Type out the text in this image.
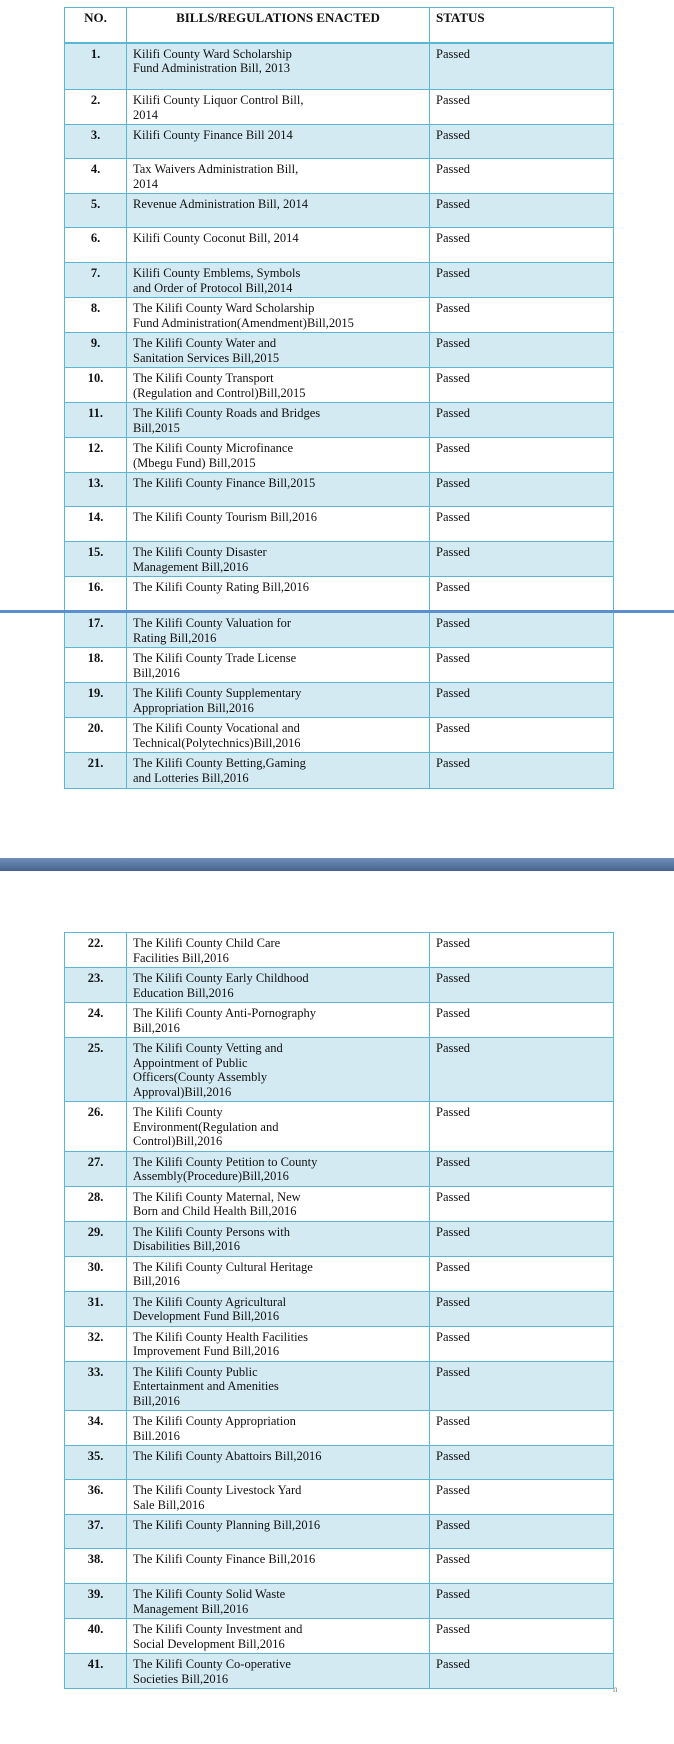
NO.	BILLS/REGULATIONS ENACTED	STATUS
1.	Kilifi County Ward Scholarship
Fund Administration Bill, 2013	Passed
2.	Kilifi County Liquor Control Bill,
2014	Passed
3.	Kilifi County Finance Bill 2014	Passed
4.	Tax Waivers Administration Bill,
2014	Passed
5.	Revenue Administration Bill, 2014	Passed
6.	Kilifi County Coconut Bill, 2014	Passed
7.	Kilifi County Emblems, Symbols
and Order of Protocol Bill,2014	Passed
8.	The Kilifi County Ward Scholarship
Fund Administration(Amendment)Bill,2015	Passed
9.	The Kilifi County Water and
Sanitation Services Bill,2015	Passed
10.	The Kilifi County Transport
(Regulation and Control)Bill,2015	Passed
11.	The Kilifi County Roads and Bridges
Bill,2015	Passed
12.	The Kilifi County Microfinance
(Mbegu Fund) Bill,2015	Passed
13.	The Kilifi County Finance Bill,2015	Passed
14.	The Kilifi County Tourism Bill,2016	Passed
15.	The Kilifi County Disaster
Management Bill,2016	Passed
16.	The Kilifi County Rating Bill,2016	Passed
17.	The Kilifi County Valuation for
Rating Bill,2016	Passed
18.	The Kilifi County Trade License
Bill,2016	Passed
19.	The Kilifi County Supplementary
Appropriation Bill,2016	Passed
20.	The Kilifi County Vocational and
Technical(Polytechnics)Bill,2016	Passed
21.	The Kilifi County Betting,Gaming
and Lotteries Bill,2016	Passed
22.	The Kilifi County Child Care
Facilities Bill,2016	Passed
23.	The Kilifi County Early Childhood
Education Bill,2016	Passed
24.	The Kilifi County Anti-Pornography
Bill,2016	Passed
25.	The Kilifi County Vetting and
Appointment of Public
Officers(County Assembly
Approval)Bill,2016	Passed
26.	The Kilifi County
Environment(Regulation and
Control)Bill,2016	Passed
27.	The Kilifi County Petition to County
Assembly(Procedure)Bill,2016	Passed
28.	The Kilifi County Maternal, New
Born and Child Health Bill,2016	Passed
29.	The Kilifi County Persons with
Disabilities Bill,2016	Passed
30.	The Kilifi County Cultural Heritage
Bill,2016	Passed
31.	The Kilifi County Agricultural
Development Fund Bill,2016	Passed
32.	The Kilifi County Health Facilities
Improvement Fund Bill,2016	Passed
33.	The Kilifi County Public
Entertainment and Amenities
Bill,2016	Passed
34.	The Kilifi County Appropriation
Bill.2016	Passed
35.	The Kilifi County Abattoirs Bill,2016	Passed
36.	The Kilifi County Livestock Yard
Sale Bill,2016	Passed
37.	The Kilifi County Planning Bill,2016	Passed
38.	The Kilifi County Finance Bill,2016	Passed
39.	The Kilifi County Solid Waste
Management Bill,2016	Passed
40.	The Kilifi County Investment and
Social Development Bill,2016	Passed
41.	The Kilifi County Co-operative
Societies Bill,2016	Passed
n
